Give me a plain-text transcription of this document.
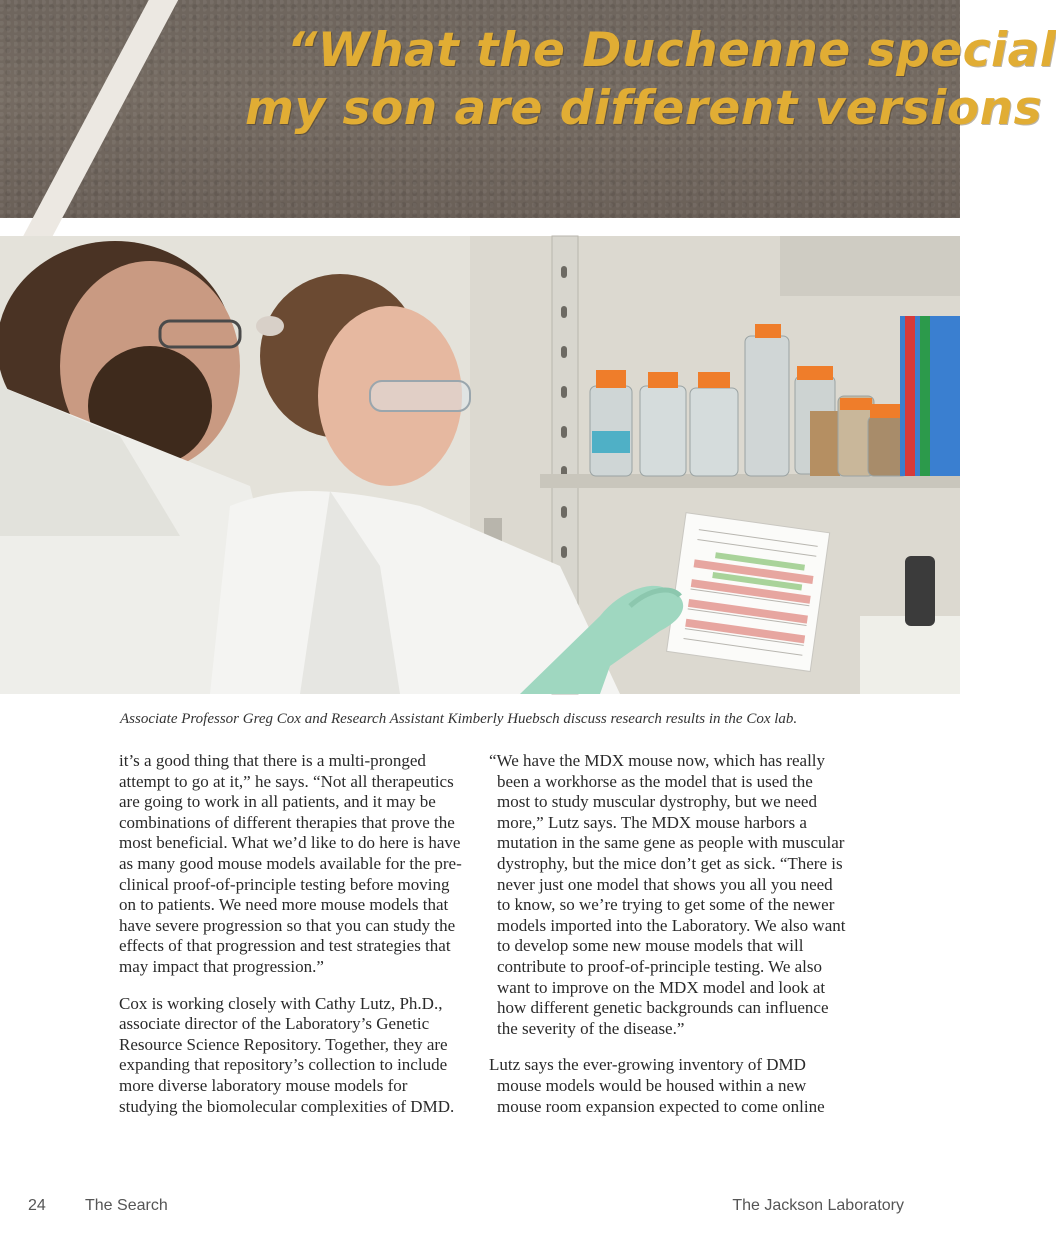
“What the Duchenne special
my son are different versions
Associate Professor Greg Cox and Research Assistant Kimberly Huebsch discuss research results in the Cox lab.

it’s a good thing that there is a multi-pronged attempt to go at it,” he says. “Not all therapeutics are going to work in all patients, and it may be combinations of different therapies that prove the most beneficial. What we’d like to do here is have as many good mouse models available for the pre-clinical proof-of-principle testing before moving on to patients. We need more mouse models that have severe progression so that you can study the effects of that progression and test strategies that may impact that progression.”

Cox is working closely with Cathy Lutz, Ph.D., associate director of the Laboratory’s Genetic Resource Science Repository. Together, they are expanding that repository’s collection to include more diverse laboratory mouse models for studying the biomolecular complexities of DMD.

“We have the MDX mouse now, which has really been a workhorse as the model that is used the most to study muscular dystrophy, but we need more,” Lutz says. The MDX mouse harbors a mutation in the same gene as people with muscular dystrophy, but the mice don’t get as sick. “There is never just one model that shows you all you need to know, so we’re trying to get some of the newer models imported into the Laboratory. We also want to develop some new mouse models that will contribute to proof-of-principle testing. We also want to improve on the MDX model and look at how different genetic backgrounds can influence the severity of the disease.”

Lutz says the ever-growing inventory of DMD mouse models would be housed within a new mouse room expansion expected to come online

24 The Search	The Jackson Laboratory
